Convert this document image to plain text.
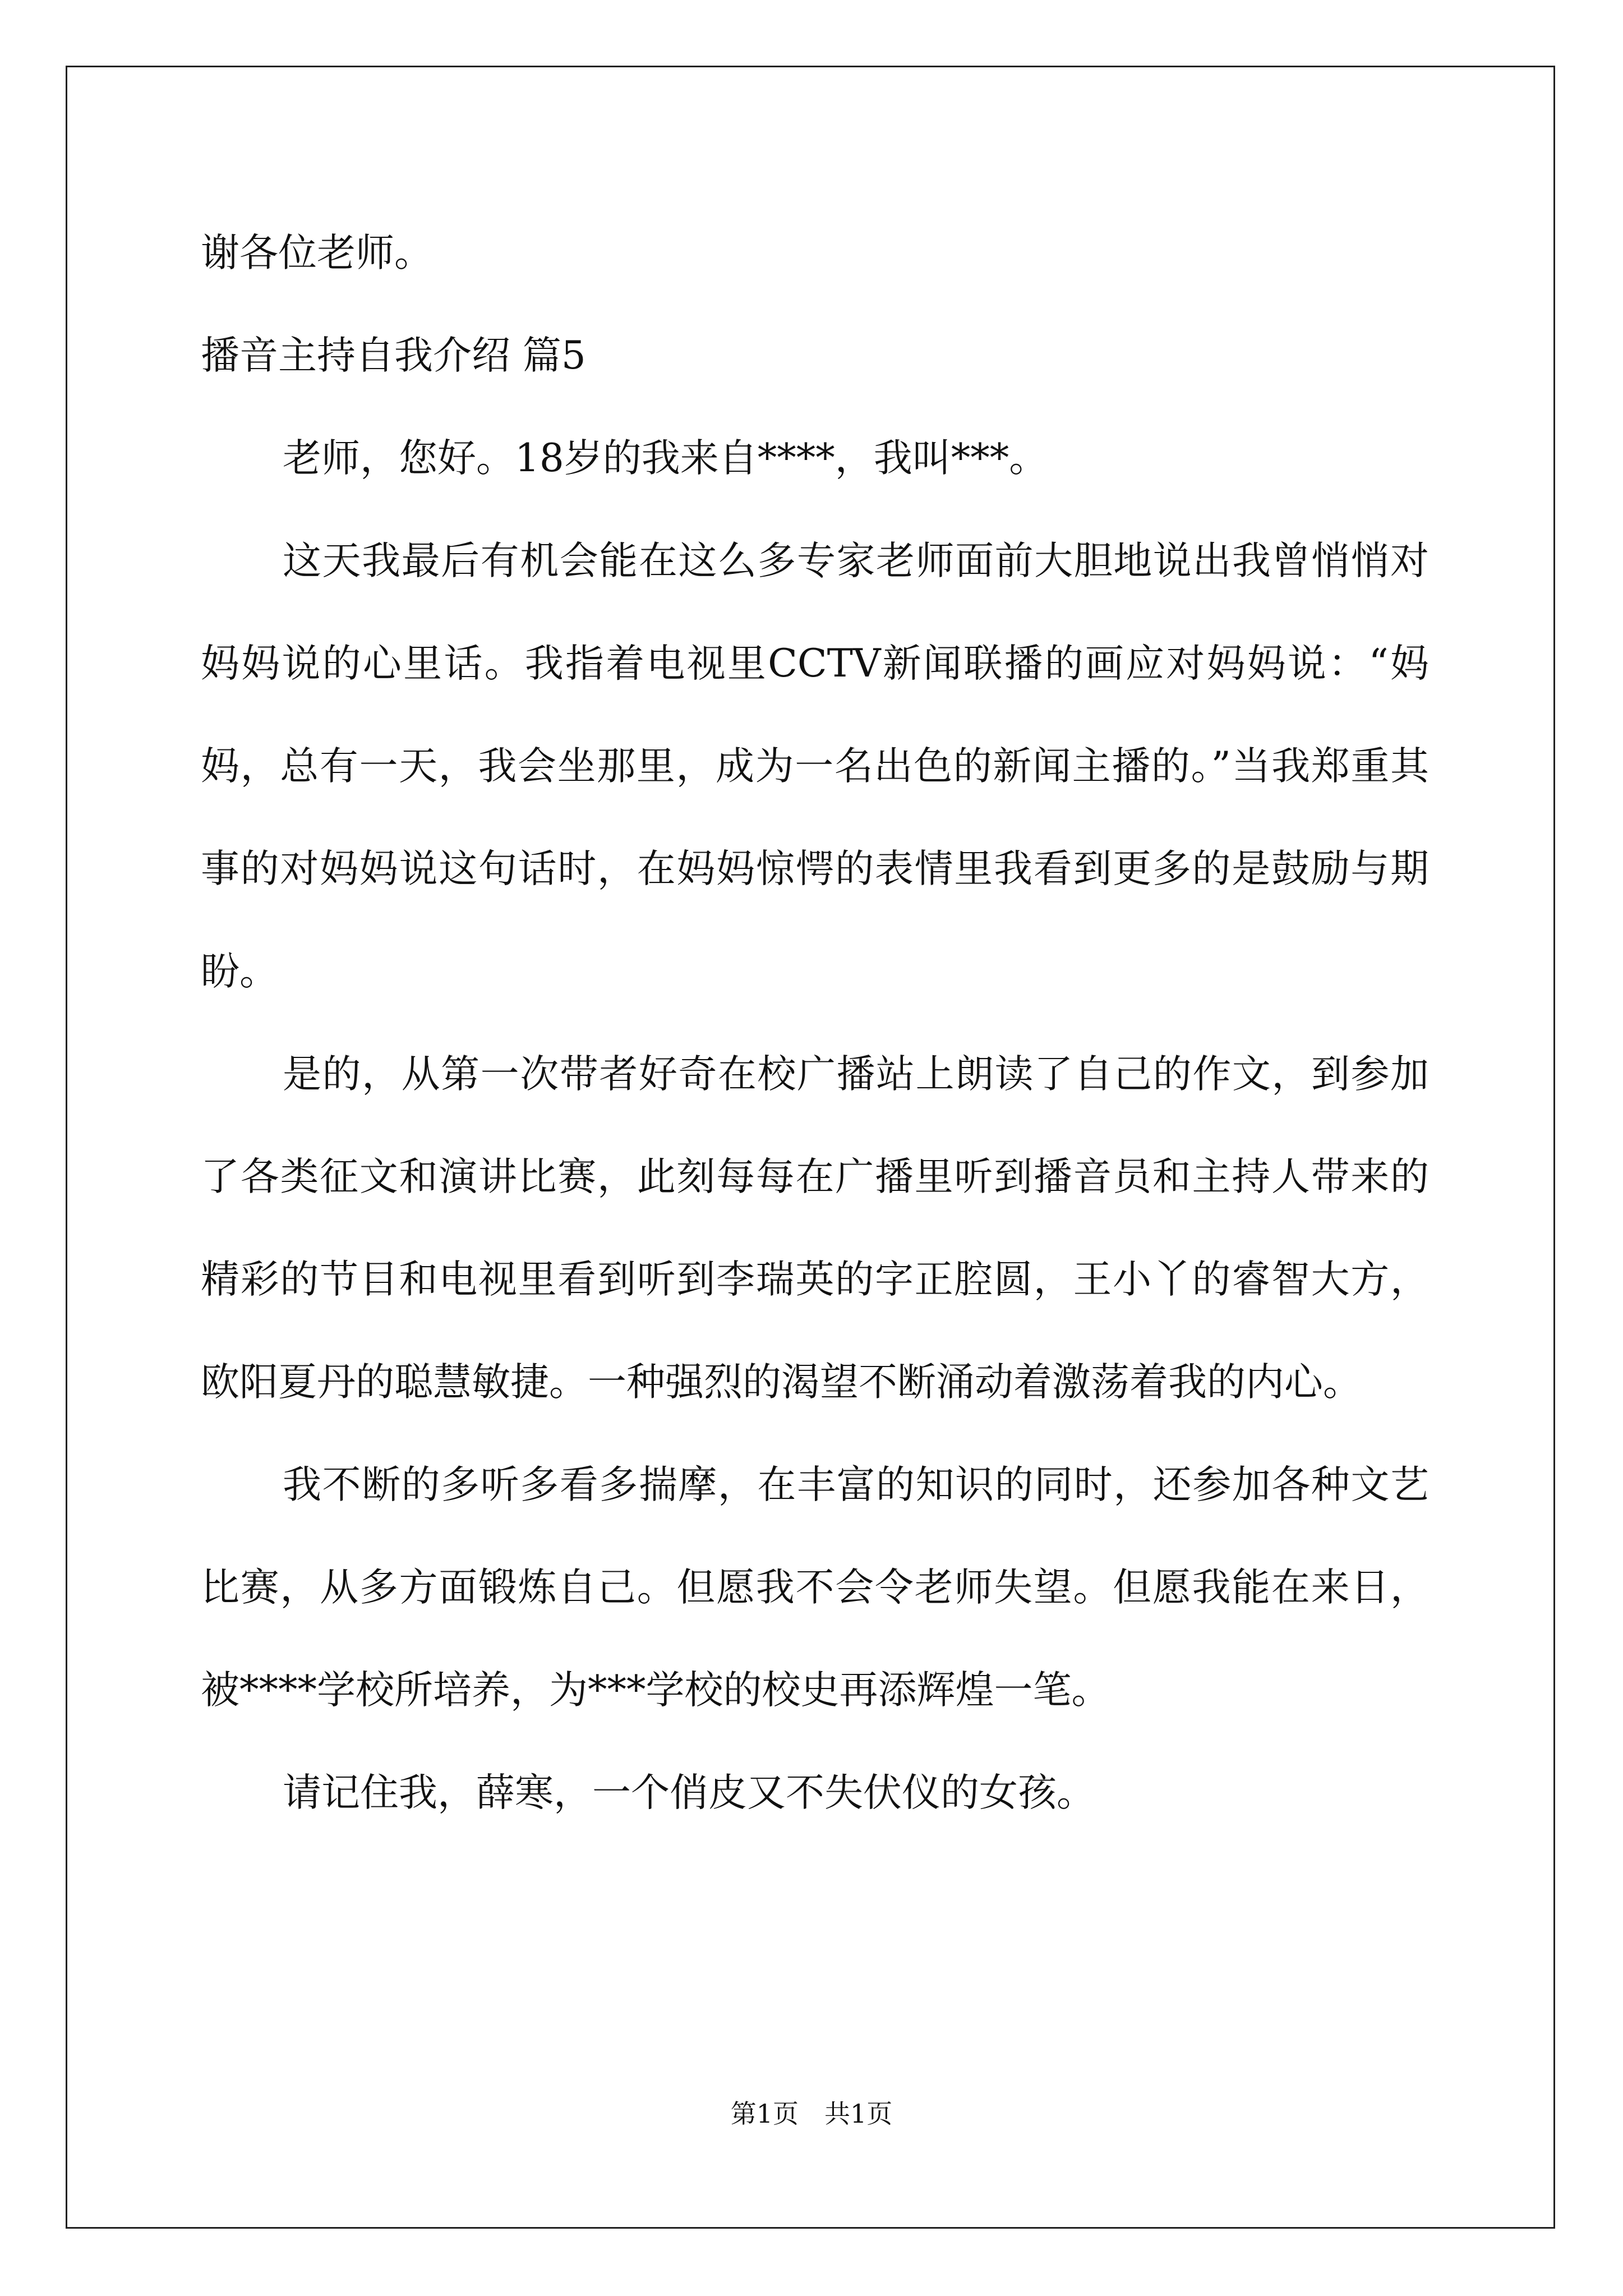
谢各位老师。

播音主持自我介绍 篇5

老师，您好。18岁的我来自****，我叫***。

这天我最后有机会能在这么多专家老师面前大胆地说出我曾悄悄对妈妈说的心里话。我指着电视里CCTV新闻联播的画应对妈妈说：“妈妈，总有一天，我会坐那里，成为一名出色的新闻主播的。”当我郑重其事的对妈妈说这句话时，在妈妈惊愕的表情里我看到更多的是鼓励与期盼。

是的，从第一次带者好奇在校广播站上朗读了自己的作文，到参加了各类征文和演讲比赛，此刻每每在广播里听到播音员和主持人带来的精彩的节目和电视里看到听到李瑞英的字正腔圆，王小丫的睿智大方，欧阳夏丹的聪慧敏捷。一种强烈的渴望不断涌动着激荡着我的内心。

我不断的多听多看多揣摩，在丰富的知识的同时，还参加各种文艺比赛，从多方面锻炼自己。但愿我不会令老师失望。但愿我能在来日，被****学校所培养，为***学校的校史再添辉煌一笔。

请记住我，薛寒，一个俏皮又不失伏仪的女孩。

第1页　共1页
